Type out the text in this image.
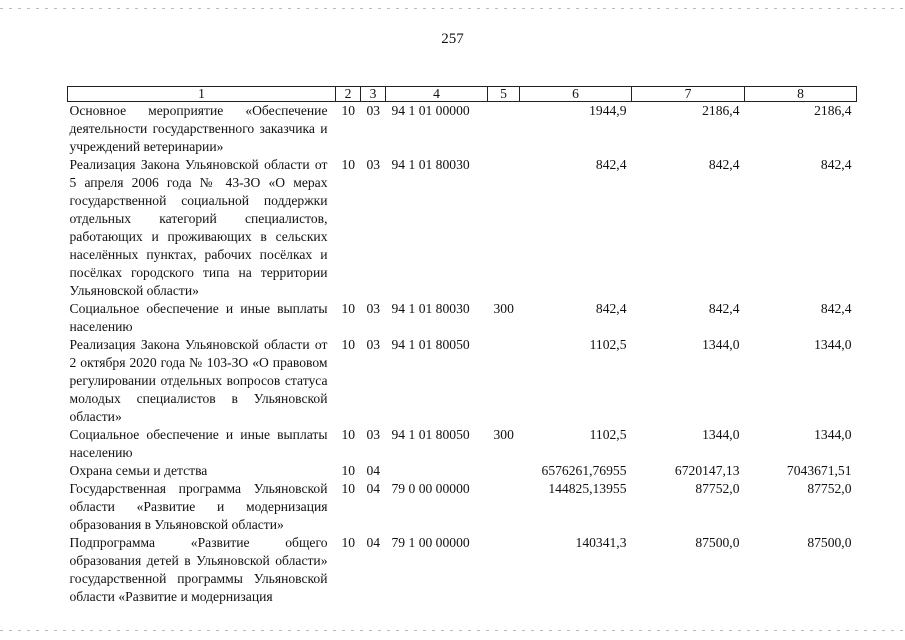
257
1	2	3	4	5	6	7	8
Основное мероприятие «Обеспечение деятельности государственного заказчика и учреждений ветеринарии»	10	03	94 1 01 00000		1944,9	2186,4	2186,4
Реализация Закона Ульяновской области от 5 апреля 2006 года № 43-ЗО «О мерах государственной социальной поддержки отдельных категорий специалистов, работающих и проживающих в сельских населённых пунктах, рабочих посёлках и посёлках городского типа на территории Ульяновской области»	10	03	94 1 01 80030		842,4	842,4	842,4
Социальное обеспечение и иные выплаты населению	10	03	94 1 01 80030	300	842,4	842,4	842,4
Реализация Закона Ульяновской области от 2 октября 2020 года № 103-ЗО «О правовом регулировании отдельных вопросов статуса молодых специалистов в Ульяновской области»	10	03	94 1 01 80050		1102,5	1344,0	1344,0
Социальное обеспечение и иные выплаты населению	10	03	94 1 01 80050	300	1102,5	1344,0	1344,0
Охрана семьи и детства	10	04			6576261,76955	6720147,13	7043671,51
Государственная программа Ульяновской области «Развитие и модернизация образования в Ульяновской области»	10	04	79 0 00 00000		144825,13955	87752,0	87752,0
Подпрограмма «Развитие общего образования детей в Ульяновской области» государственной программы Ульяновской области «Развитие и модернизация	10	04	79 1 00 00000		140341,3	87500,0	87500,0
